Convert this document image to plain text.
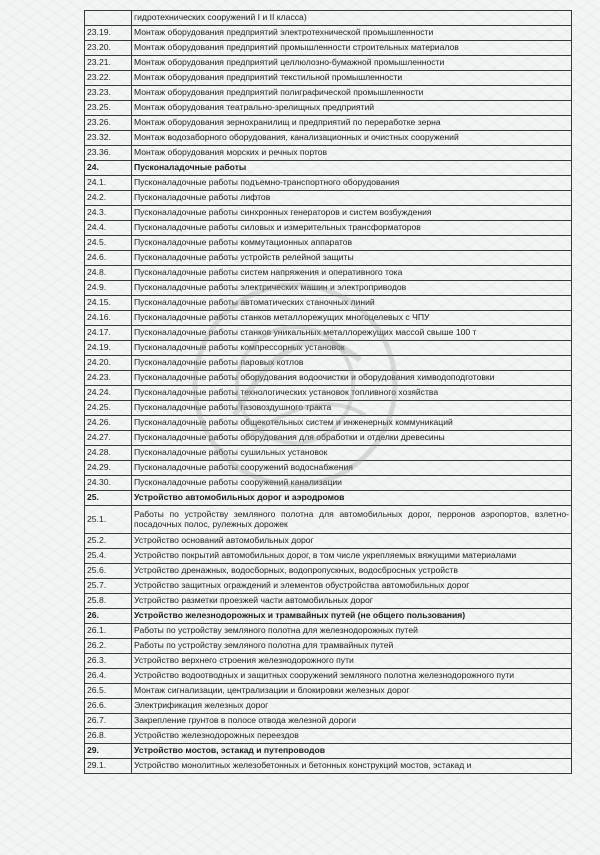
	гидротехнических сооружений I и II класса)
23.19.	Монтаж оборудования предприятий электротехнической промышленности
23.20.	Монтаж оборудования предприятий промышленности строительных материалов
23.21.	Монтаж оборудования предприятий целлюлозно-бумажной промышленности
23.22.	Монтаж оборудования предприятий текстильной промышленности
23.23.	Монтаж оборудования предприятий полиграфической промышленности
23.25.	Монтаж оборудования театрально-зрелищных предприятий
23.26.	Монтаж оборудования зернохранилищ и предприятий по переработке зерна
23.32.	Монтаж водозаборного оборудования, канализационных и очистных сооружений
23.36.	Монтаж оборудования морских и речных портов
24.	Пусконаладочные работы
24.1.	Пусконаладочные работы подъемно-транспортного оборудования
24.2.	Пусконаладочные работы лифтов
24.3.	Пусконаладочные работы синхронных генераторов и систем возбуждения
24.4.	Пусконаладочные работы силовых и измерительных трансформаторов
24.5.	Пусконаладочные работы коммутационных аппаратов
24.6.	Пусконаладочные работы устройств релейной защиты
24.8.	Пусконаладочные работы систем напряжения и оперативного тока
24.9.	Пусконаладочные работы электрических машин и электроприводов
24.15.	Пусконаладочные работы автоматических станочных линий
24.16.	Пусконаладочные работы станков металлорежущих многоцелевых с ЧПУ
24.17.	Пусконаладочные работы станков уникальных металлорежущих массой свыше 100 т
24.19.	Пусконаладочные работы компрессорных установок
24.20.	Пусконаладочные работы паровых котлов
24.23.	Пусконаладочные работы оборудования водоочистки и оборудования химводоподготовки
24.24.	Пусконаладочные работы технологических установок топливного хозяйства
24.25.	Пусконаладочные работы газовоздушного тракта
24.26.	Пусконаладочные работы общекотельных систем и инженерных коммуникаций
24.27.	Пусконаладочные работы оборудования для обработки и отделки древесины
24.28.	Пусконаладочные работы сушильных установок
24.29.	Пусконаладочные работы сооружений водоснабжения
24.30.	Пусконаладочные работы сооружений канализации
25.	Устройство автомобильных дорог и аэродромов
25.1.	Работы по устройству земляного полотна для автомобильных дорог, перронов аэропортов, взлетно-посадочных полос, рулежных дорожек
25.2.	Устройство оснований автомобильных дорог
25.4.	Устройство покрытий автомобильных дорог, в том числе укрепляемых вяжущими материалами
25.6.	Устройство дренажных, водосборных, водопропускных, водосбросных устройств
25.7.	Устройство защитных ограждений и элементов обустройства автомобильных дорог
25.8.	Устройство разметки проезжей части автомобильных дорог
26.	Устройство железнодорожных и трамвайных путей (не общего пользования)
26.1.	Работы по устройству земляного полотна для железнодорожных путей
26.2.	Работы по устройству земляного полотна для трамвайных путей
26.3.	Устройство верхнего строения железнодорожного пути
26.4.	Устройство водоотводных и защитных сооружений земляного полотна железнодорожного пути
26.5.	Монтаж сигнализации, централизации и блокировки железных дорог
26.6.	Электрификация железных дорог
26.7.	Закрепление грунтов в полосе отвода железной дороги
26.8.	Устройство железнодорожных переездов
29.	Устройство мостов, эстакад и путепроводов
29.1.	Устройство монолитных железобетонных и бетонных конструкций мостов, эстакад и
